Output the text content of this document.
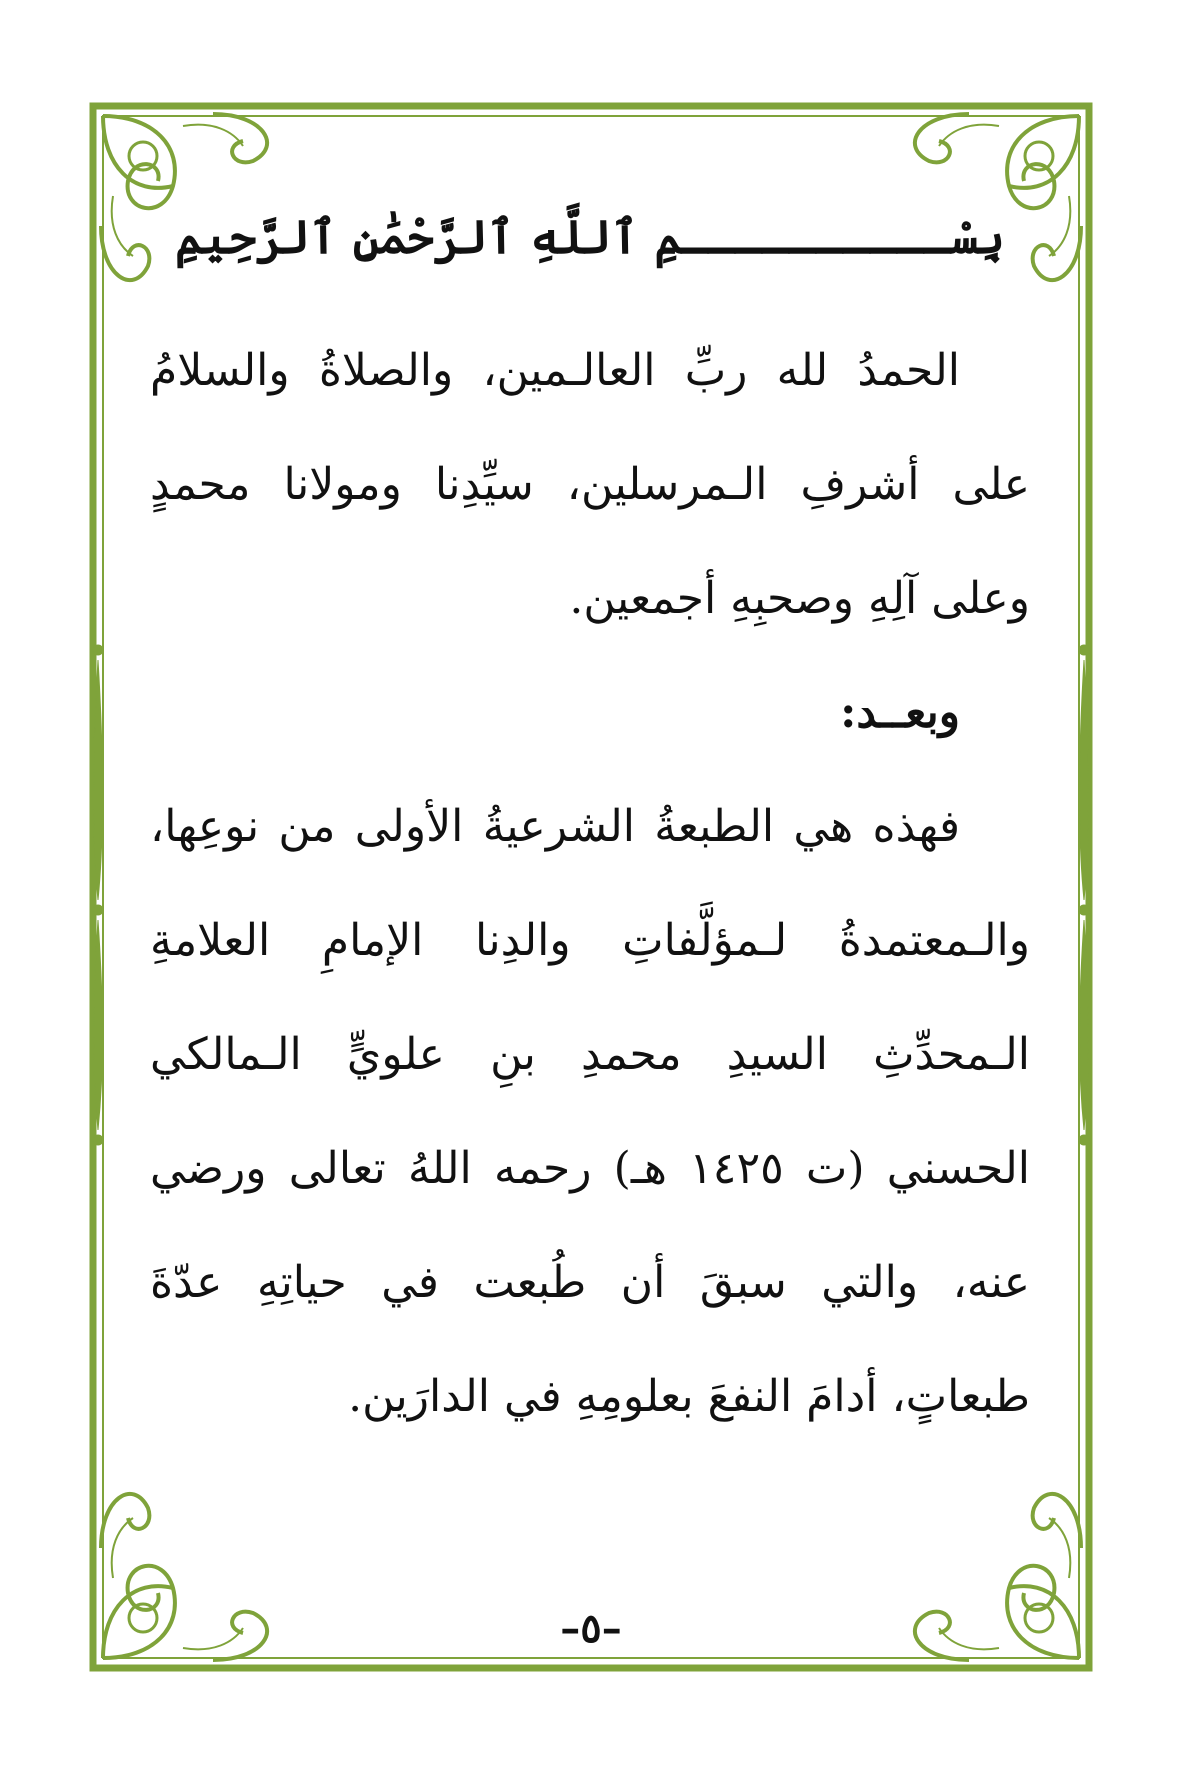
بِسْــــــــــمِ ٱللَّهِ ٱلرَّحْمَٰنِ ٱلرَّحِيمِ

الحمدُ لله ربِّ العالـمين، والصلاةُ والسلامُ على أشرفِ الـمرسلين، سيِّدِنا ومولانا محمدٍ وعلى آلِهِ وصحبِهِ أجمعين.

وبعــد:

فهذه هي الطبعةُ الشرعيةُ الأولى من نوعِها، والـمعتمدةُ لـمؤلَّفاتِ والدِنا الإمامِ العلامةِ الـمحدِّثِ السيدِ محمدِ بنِ علويٍّ الـمالكي الحسني (ت ١٤٢٥ هـ) رحمه اللهُ تعالى ورضي عنه، والتي سبقَ أن طُبعت في حياتِهِ عدّةَ طبعاتٍ، أدامَ النفعَ بعلومِهِ في الدارَين.

–٥–
